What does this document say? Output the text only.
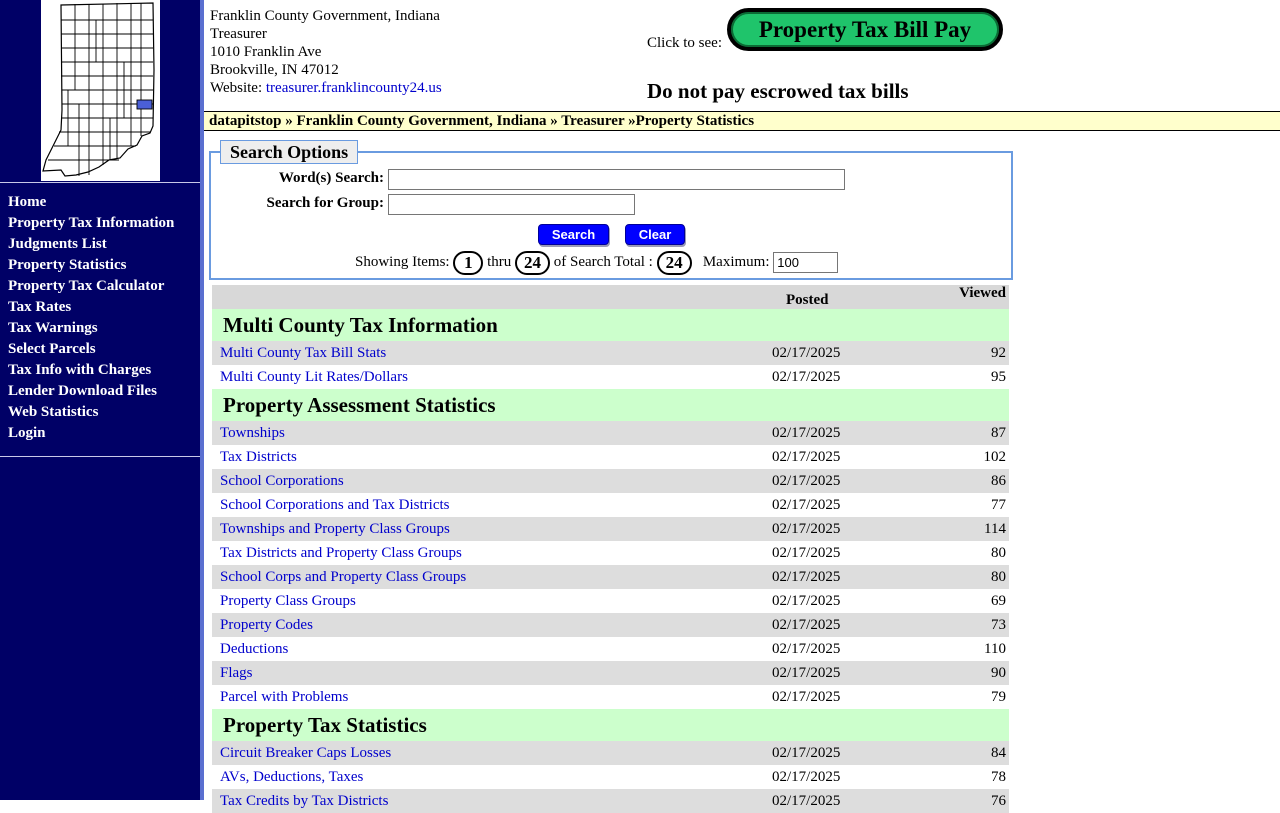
Home
Property Tax Information
Judgments List
Property Statistics
Property Tax Calculator
Tax Rates
Tax Warnings
Select Parcels
Tax Info with Charges
Lender Download Files
Web Statistics
Login
Franklin County Government, Indiana
Treasurer
1010 Franklin Ave
Brookville, IN 47012
Website: treasurer.franklincounty24.us
Click to see:
Property Tax Bill Pay
Do not pay escrowed tax bills
datapitstop » Franklin County Government, Indiana » Treasurer »Property Statistics
Search Options
Word(s) Search:
Search for Group:
Search	Clear
Showing Items: 1 thru 24 of Search Total : 24 Maximum: 100
	Posted	Viewed
Multi County Tax Information		
Multi County Tax Bill Stats	02/17/2025	92
Multi County Lit Rates/Dollars	02/17/2025	95
Property Assessment Statistics		
Townships	02/17/2025	87
Tax Districts	02/17/2025	102
School Corporations	02/17/2025	86
School Corporations and Tax Districts	02/17/2025	77
Townships and Property Class Groups	02/17/2025	114
Tax Districts and Property Class Groups	02/17/2025	80
School Corps and Property Class Groups	02/17/2025	80
Property Class Groups	02/17/2025	69
Property Codes	02/17/2025	73
Deductions	02/17/2025	110
Flags	02/17/2025	90
Parcel with Problems	02/17/2025	79
Property Tax Statistics		
Circuit Breaker Caps Losses	02/17/2025	84
AVs, Deductions, Taxes	02/17/2025	78
Tax Credits by Tax Districts	02/17/2025	76
